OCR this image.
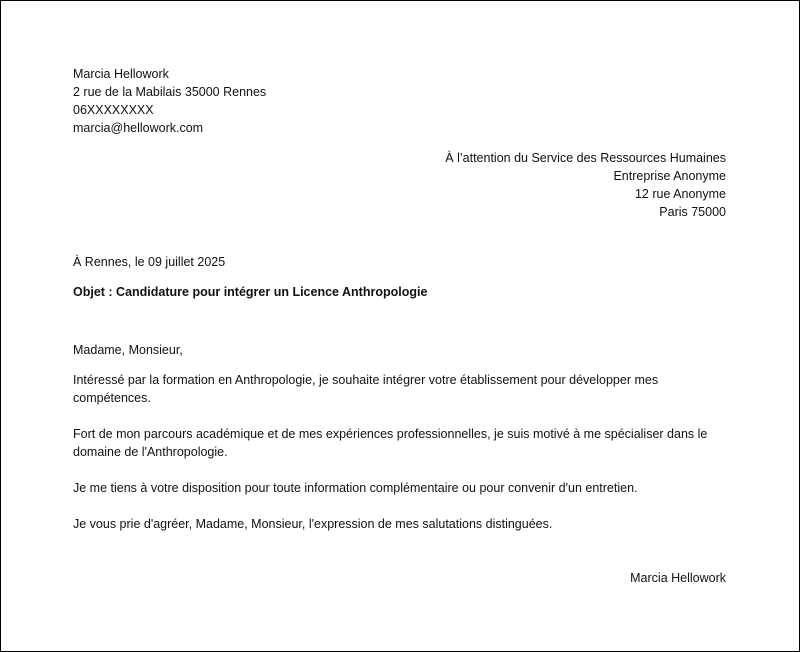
Marcia Hellowork
2 rue de la Mabilais 35000 Rennes
06XXXXXXXX
marcia@hellowork.com
À l’attention du Service des Ressources Humaines
Entreprise Anonyme
12 rue Anonyme
Paris 75000
À Rennes, le 09 juillet 2025
Objet : Candidature pour intégrer un Licence Anthropologie
Madame, Monsieur,
Intéressé par la formation en Anthropologie, je souhaite intégrer votre établissement pour développer mes compétences.
Fort de mon parcours académique et de mes expériences professionnelles, je suis motivé à me spécialiser dans le domaine de l'Anthropologie.
Je me tiens à votre disposition pour toute information complémentaire ou pour convenir d'un entretien.
Je vous prie d'agréer, Madame, Monsieur, l'expression de mes salutations distinguées.
Marcia Hellowork
